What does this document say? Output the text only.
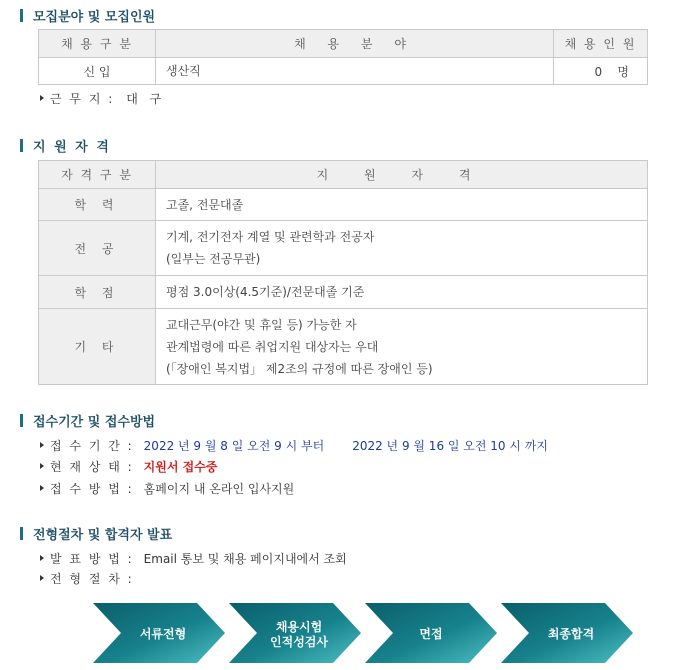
모집분야 및 모집인원
채 용 구 분	채 용 분 야	채 용 인 원
신 입	생산직	0 명
근 무 지 : 대 구
지 원 자 격
자 격 구 분	지 원 자 격
학 력	고졸, 전문대졸

전 공	기계, 전기전자 계열 및 관련학과 전공자
(일부는 전공무관)

학 점	평점 3.0이상(4.5기준)/전문대졸 기준

기 타	교대근무(야간 및 휴일 등) 가능한 자
관계법령에 따른 취업지원 대상자는 우대
(「장애인 복지법」 제2조의 규정에 따른 장애인 등)
접수기간 및 접수방법
접 수 기 간 : 2022 년 9 월 8 일 오전 9 시 부터 2022 년 9 월 16 일 오전 10 시 까지
현 재 상 태 : 지원서 접수중
접 수 방 법 : 홈페이지 내 온라인 입사지원
전형절차 및 합격자 발표
발 표 방 법 : Email 통보 및 채용 페이지내에서 조회
전 형 절 차 :
서류전형	채용시험
인적성검사
면접	최종합격
